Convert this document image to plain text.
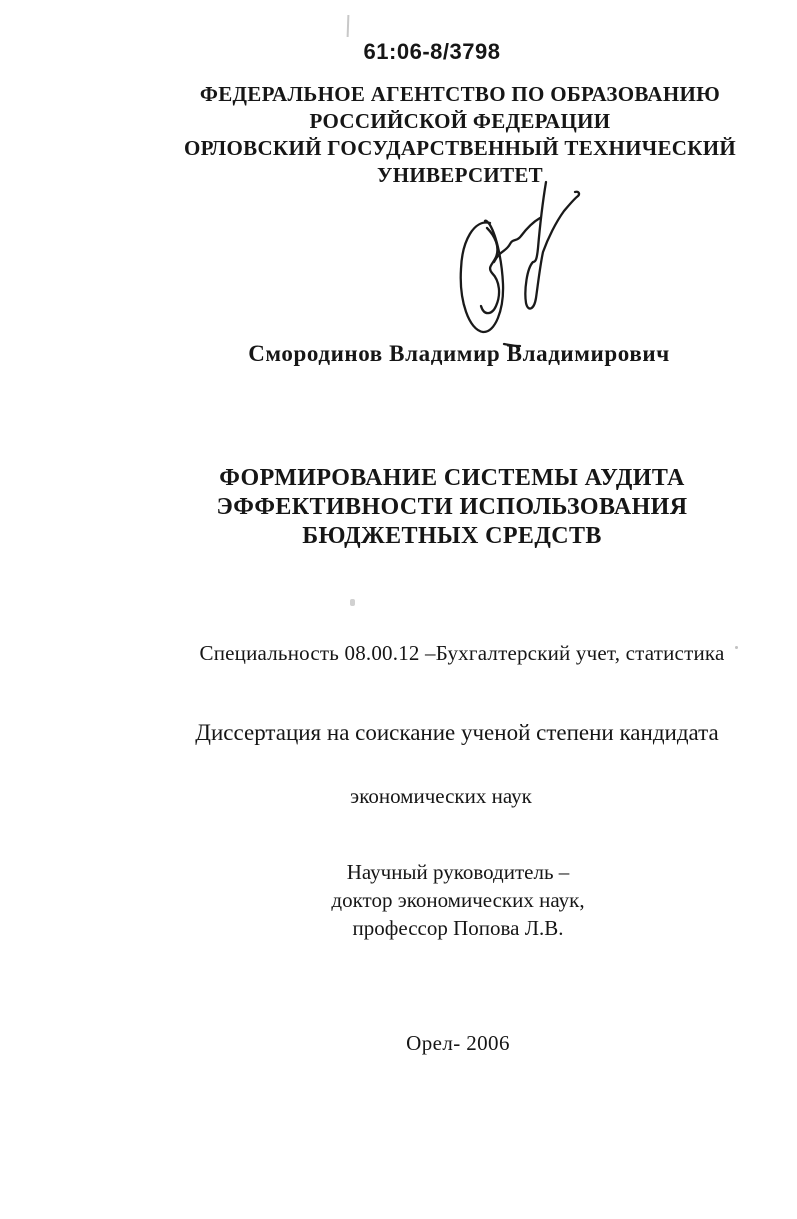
61:06-8/3798
ФЕДЕРАЛЬНОЕ АГЕНТСТВО ПО ОБРАЗОВАНИЮ
РОССИЙСКОЙ ФЕДЕРАЦИИ
ОРЛОВСКИЙ ГОСУДАРСТВЕННЫЙ ТЕХНИЧЕСКИЙ
УНИВЕРСИТЕТ
Смородинов Владимир Владимирович
ФОРМИРОВАНИЕ СИСТЕМЫ АУДИТА
ЭФФЕКТИВНОСТИ ИСПОЛЬЗОВАНИЯ
БЮДЖЕТНЫХ СРЕДСТВ
Специальность 08.00.12 –Бухгалтерский учет, статистика
Диссертация на соискание ученой степени кандидата
экономических наук
Научный руководитель –
доктор экономических наук,
профессор Попова Л.В.
Орел- 2006
